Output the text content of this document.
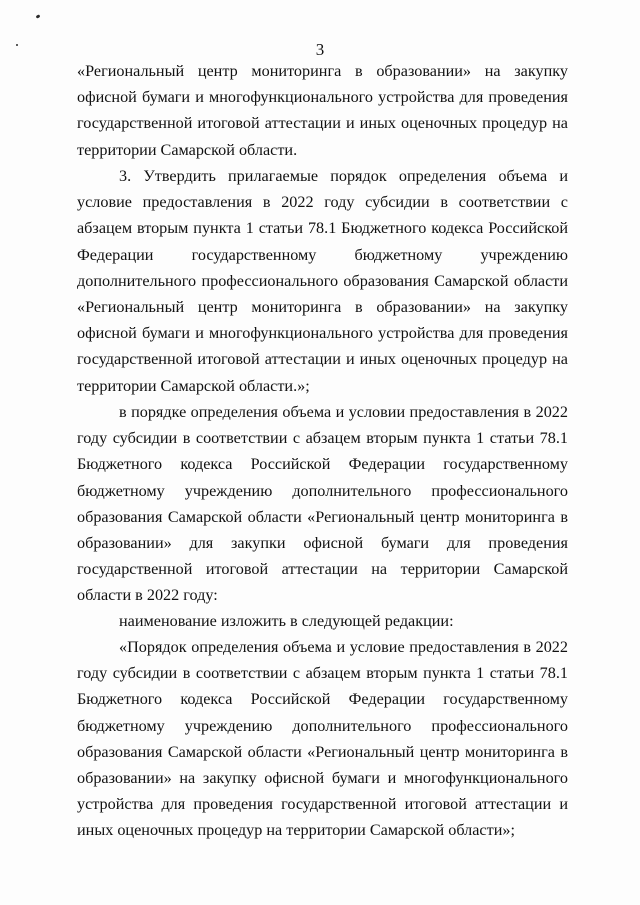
3

«Региональный центр мониторинга в образовании» на закупку офисной бумаги и многофункционального устройства для проведения государственной итоговой аттестации и иных оценочных процедур на территории Самарской области.

3. Утвердить прилагаемые порядок определения объема и условие предоставления в 2022 году субсидии в соответствии с абзацем вторым пункта 1 статьи 78.1 Бюджетного кодекса Российской Федерации государственному бюджетному учреждению дополнительного профессионального образования Самарской области «Региональный центр мониторинга в образовании» на закупку офисной бумаги и многофункционального устройства для проведения государственной итоговой аттестации и иных оценочных процедур на территории Самарской области.»;

в порядке определения объема и условии предоставления в 2022 году субсидии в соответствии с абзацем вторым пункта 1 статьи 78.1 Бюджетного кодекса Российской Федерации государственному бюджетному учреждению дополнительного профессионального образования Самарской области «Региональный центр мониторинга в образовании» для закупки офисной бумаги для проведения государственной итоговой аттестации на территории Самарской области в 2022 году:

наименование изложить в следующей редакции:

«Порядок определения объема и условие предоставления в 2022 году субсидии в соответствии с абзацем вторым пункта 1 статьи 78.1 Бюджетного кодекса Российской Федерации государственному бюджетному учреждению дополнительного профессионального образования Самарской области «Региональный центр мониторинга в образовании» на закупку офисной бумаги и многофункционального устройства для проведения государственной итоговой аттестации и иных оценочных процедур на территории Самарской области»;
